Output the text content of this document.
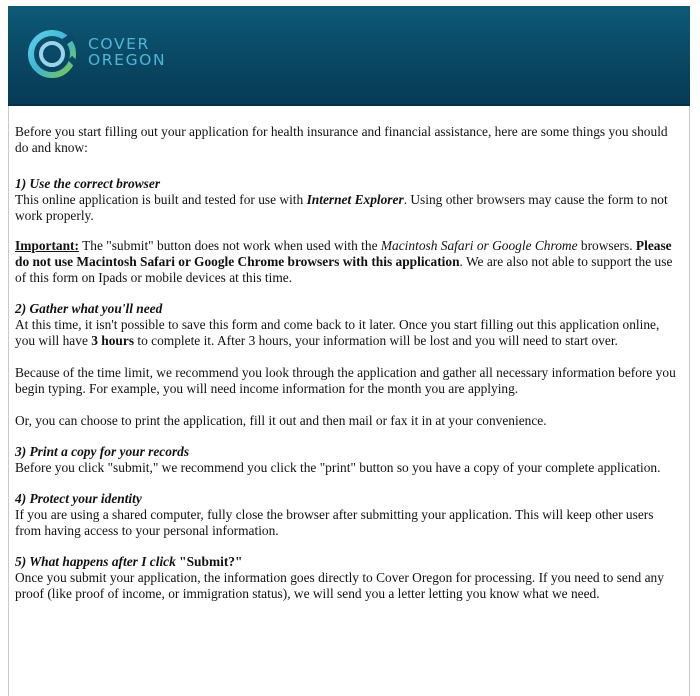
COVER
OREGON

Before you start filling out your application for health insurance and financial assistance, here are some things you should do and know:

1) Use the correct browser

This online application is built and tested for use with Internet Explorer. Using other browsers may cause the form to not work properly.

Important: The "submit" button does not work when used with the Macintosh Safari or Google Chrome browsers. Please do not use Macintosh Safari or Google Chrome browsers with this application. We are also not able to support the use of this form on Ipads or mobile devices at this time.

2) Gather what you'll need

At this time, it isn't possible to save this form and come back to it later. Once you start filling out this application online, you will have 3 hours to complete it. After 3 hours, your information will be lost and you will need to start over.

Because of the time limit, we recommend you look through the application and gather all necessary information before you begin typing. For example, you will need income information for the month you are applying.

Or, you can choose to print the application, fill it out and then mail or fax it in at your convenience.

3) Print a copy for your records

Before you click "submit," we recommend you click the "print" button so you have a copy of your complete application.

4) Protect your identity

If you are using a shared computer, fully close the browser after submitting your application. This will keep other users from having access to your personal information.

5) What happens after I click "Submit?"

Once you submit your application, the information goes directly to Cover Oregon for processing. If you need to send any proof (like proof of income, or immigration status), we will send you a letter letting you know what we need.
